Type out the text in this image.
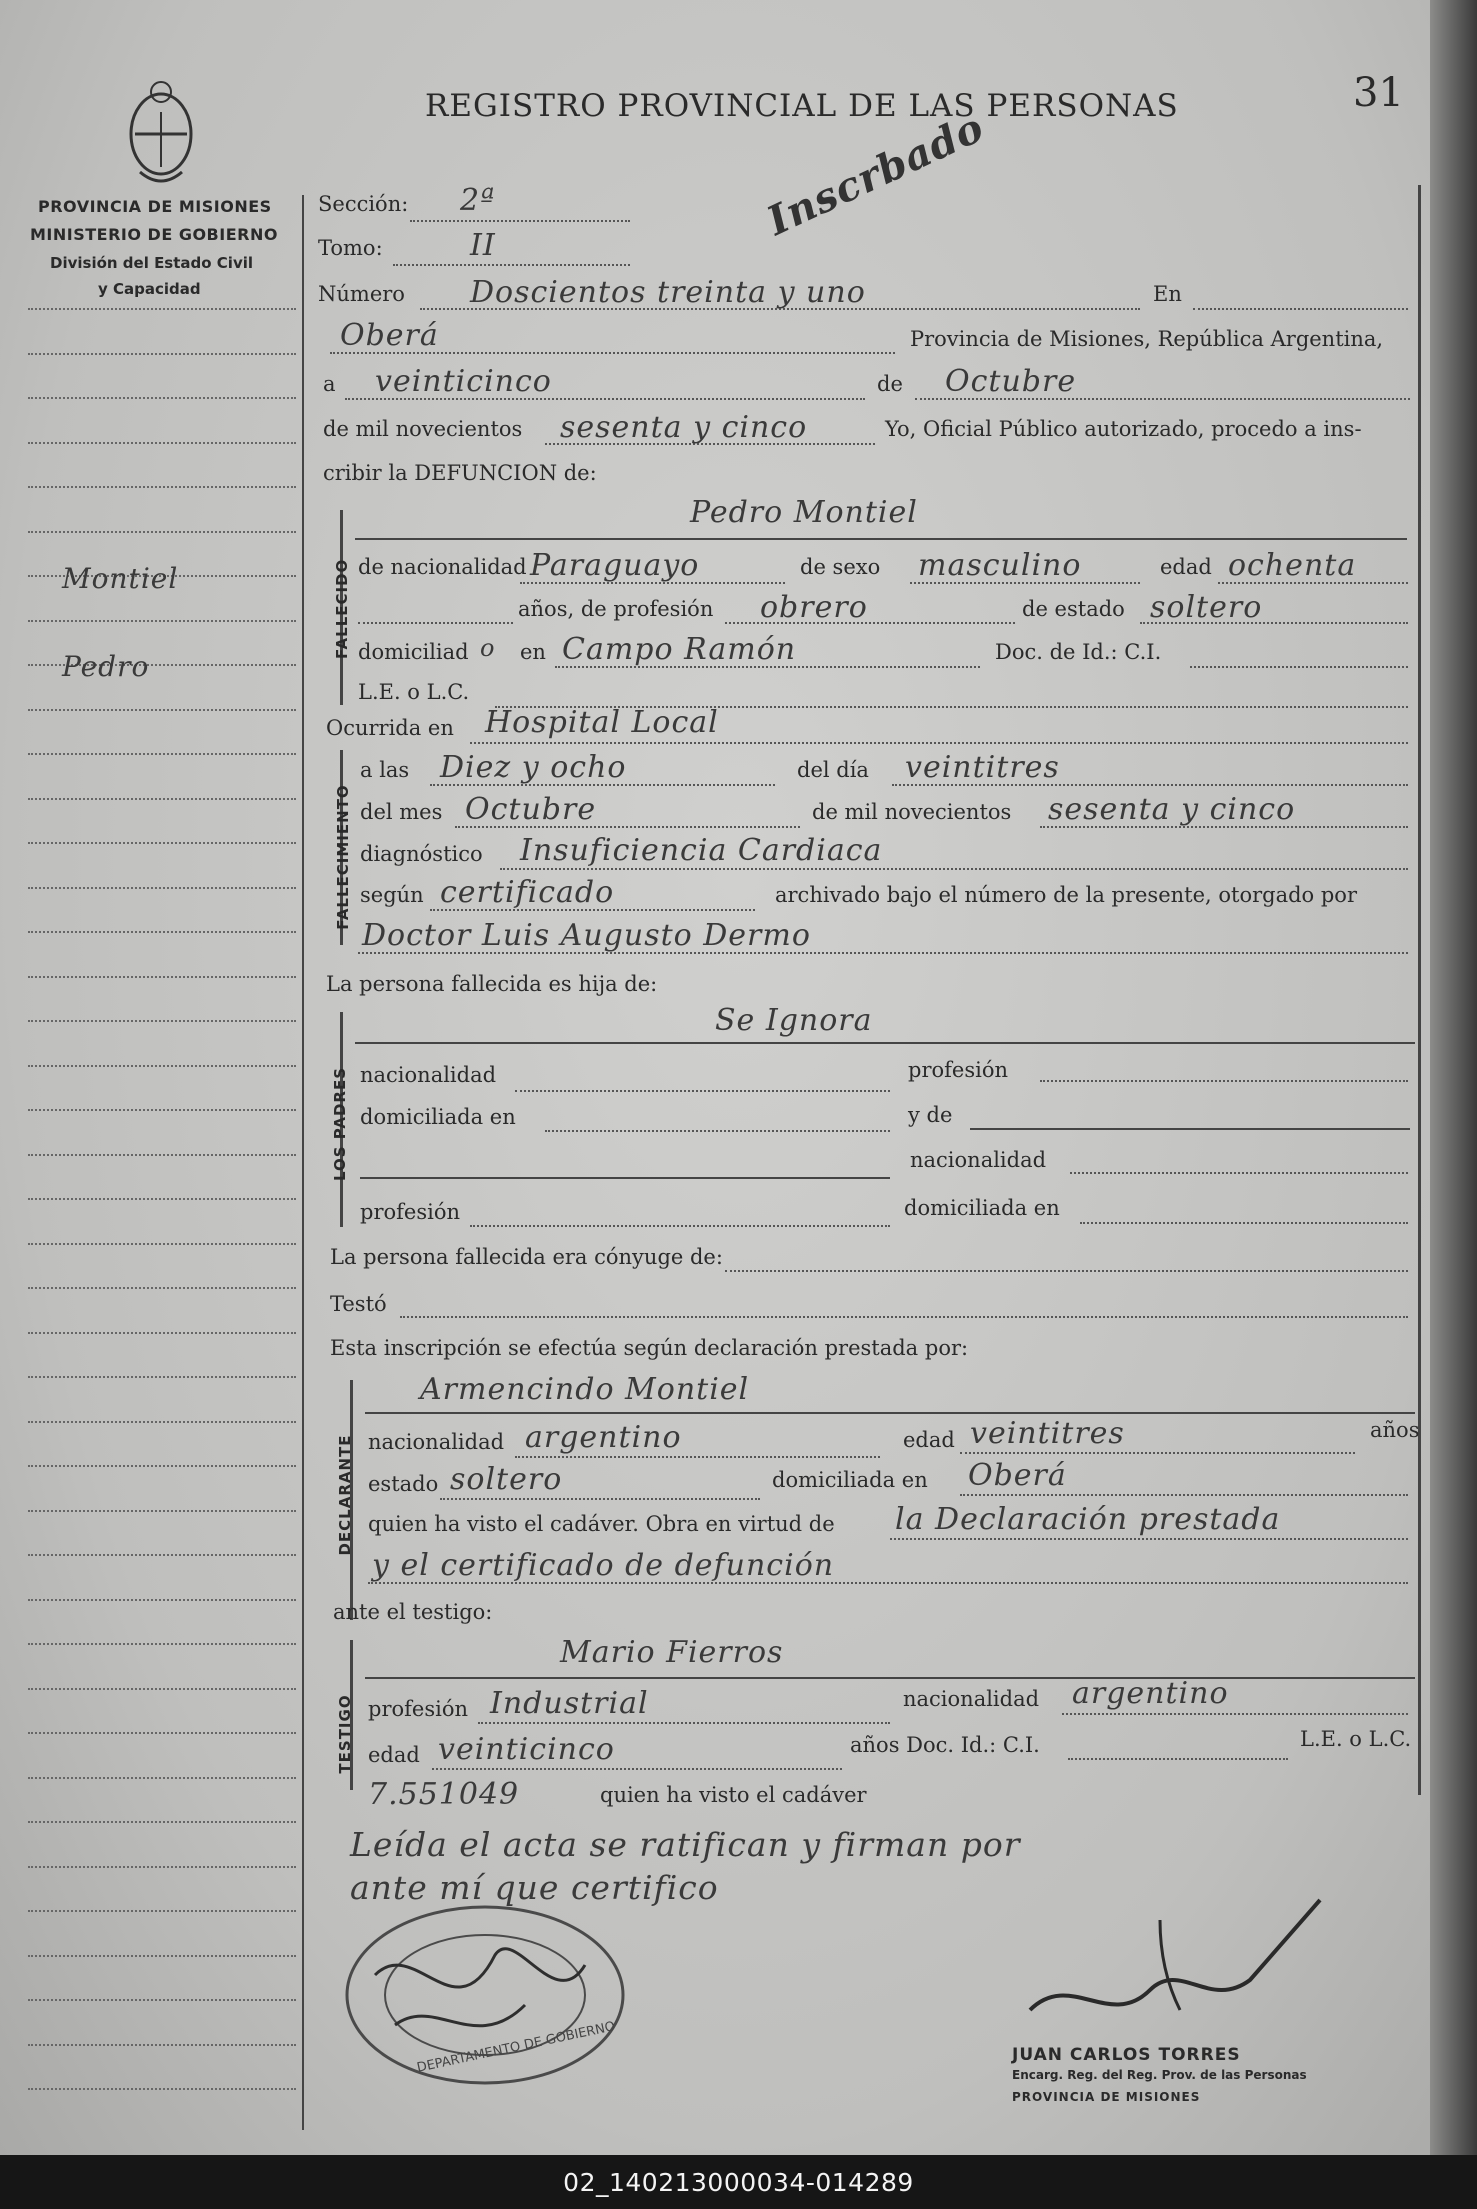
PROVINCIA DE MISIONES
MINISTERIO DE GOBIERNO
División del Estado Civil
y Capacidad
REGISTRO PROVINCIAL DE LAS PERSONAS	31
Inscrbado
Montiel
Pedro
Sección: 2ª
Tomo:	II
Número Doscientos treinta y uno	En
Oberá	Provincia de Misiones, República Argentina,
a veinticinco	de Octubre
de mil novecientos sesenta y cinco	Yo, Oficial Público autorizado, procedo a ins-
cribir la DEFUNCION de:
FALLECIDO
Pedro Montiel
de nacionalidad Paraguayo	de sexo masculino	edad ochenta
años, de profesión obrero	de estado soltero
domiciliad o en Campo Ramón	Doc. de Id.: C.I.
L.E. o L.C.
Ocurrida en Hospital Local
FALLECIMIENTO
a las Diez y ocho	del día veintitres
del mes Octubre	de mil novecientos sesenta y cinco
diagnóstico Insuficiencia Cardiaca
según certificado	archivado bajo el número de la presente, otorgado por
Doctor Luis Augusto Dermo
La persona fallecida es hija de:
LOS PADRES
Se Ignora
nacionalidad	profesión
domiciliada en	y de
nacionalidad
profesión	domiciliada en
La persona fallecida era cónyuge de:
Testó
Esta inscripción se efectúa según declaración prestada por:
DECLARANTE
Armencindo Montiel
nacionalidad argentino	edad veintitres	años
estado soltero	domiciliada en Oberá
quien ha visto el cadáver. Obra en virtud de la Declaración prestada
y el certificado de defunción
ante el testigo:
TESTIGO
Mario Fierros
profesión Industrial	nacionalidad argentino
edad veinticinco	años Doc. Id.: C.I.	L.E. o L.C.
7.551049	quien ha visto el cadáver
Leída el acta se ratifican y firman por
ante mí que certifico
DEPARTAMENTO DE GOBIERNO	JUAN CARLOS TORRES
Encarg. Reg. del Reg. Prov. de las Personas
PROVINCIA DE MISIONES
02_140213000034-014289
